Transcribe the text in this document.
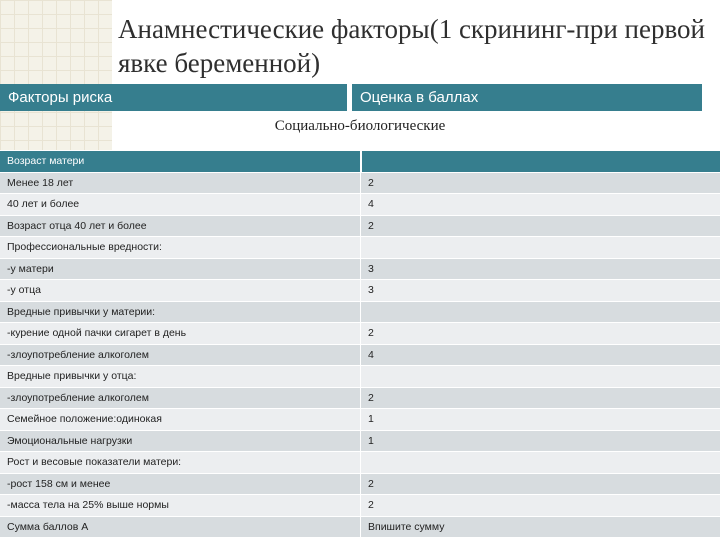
Анамнестические факторы(1 скрининг-при первой явке беременной)
Факторы риска	Оценка в баллах
Социально-биологические
Возраст матери
Менее 18 лет	2
40 лет и более	4
Возраст отца 40 лет и более	2
Профессиональные вредности:
-у матери	3
-у отца	3
Вредные привычки у материи:
-курение одной пачки сигарет в день	2
-злоупотребление алкоголем	4
Вредные привычки у отца:
-злоупотребление алкоголем	2
Семейное положение:одинокая	1
Эмоциональные нагрузки	1
Рост и весовые показатели матери:
-рост 158 см и менее	2
-масса тела на 25% выше нормы	2
Сумма баллов А	Впишите сумму
